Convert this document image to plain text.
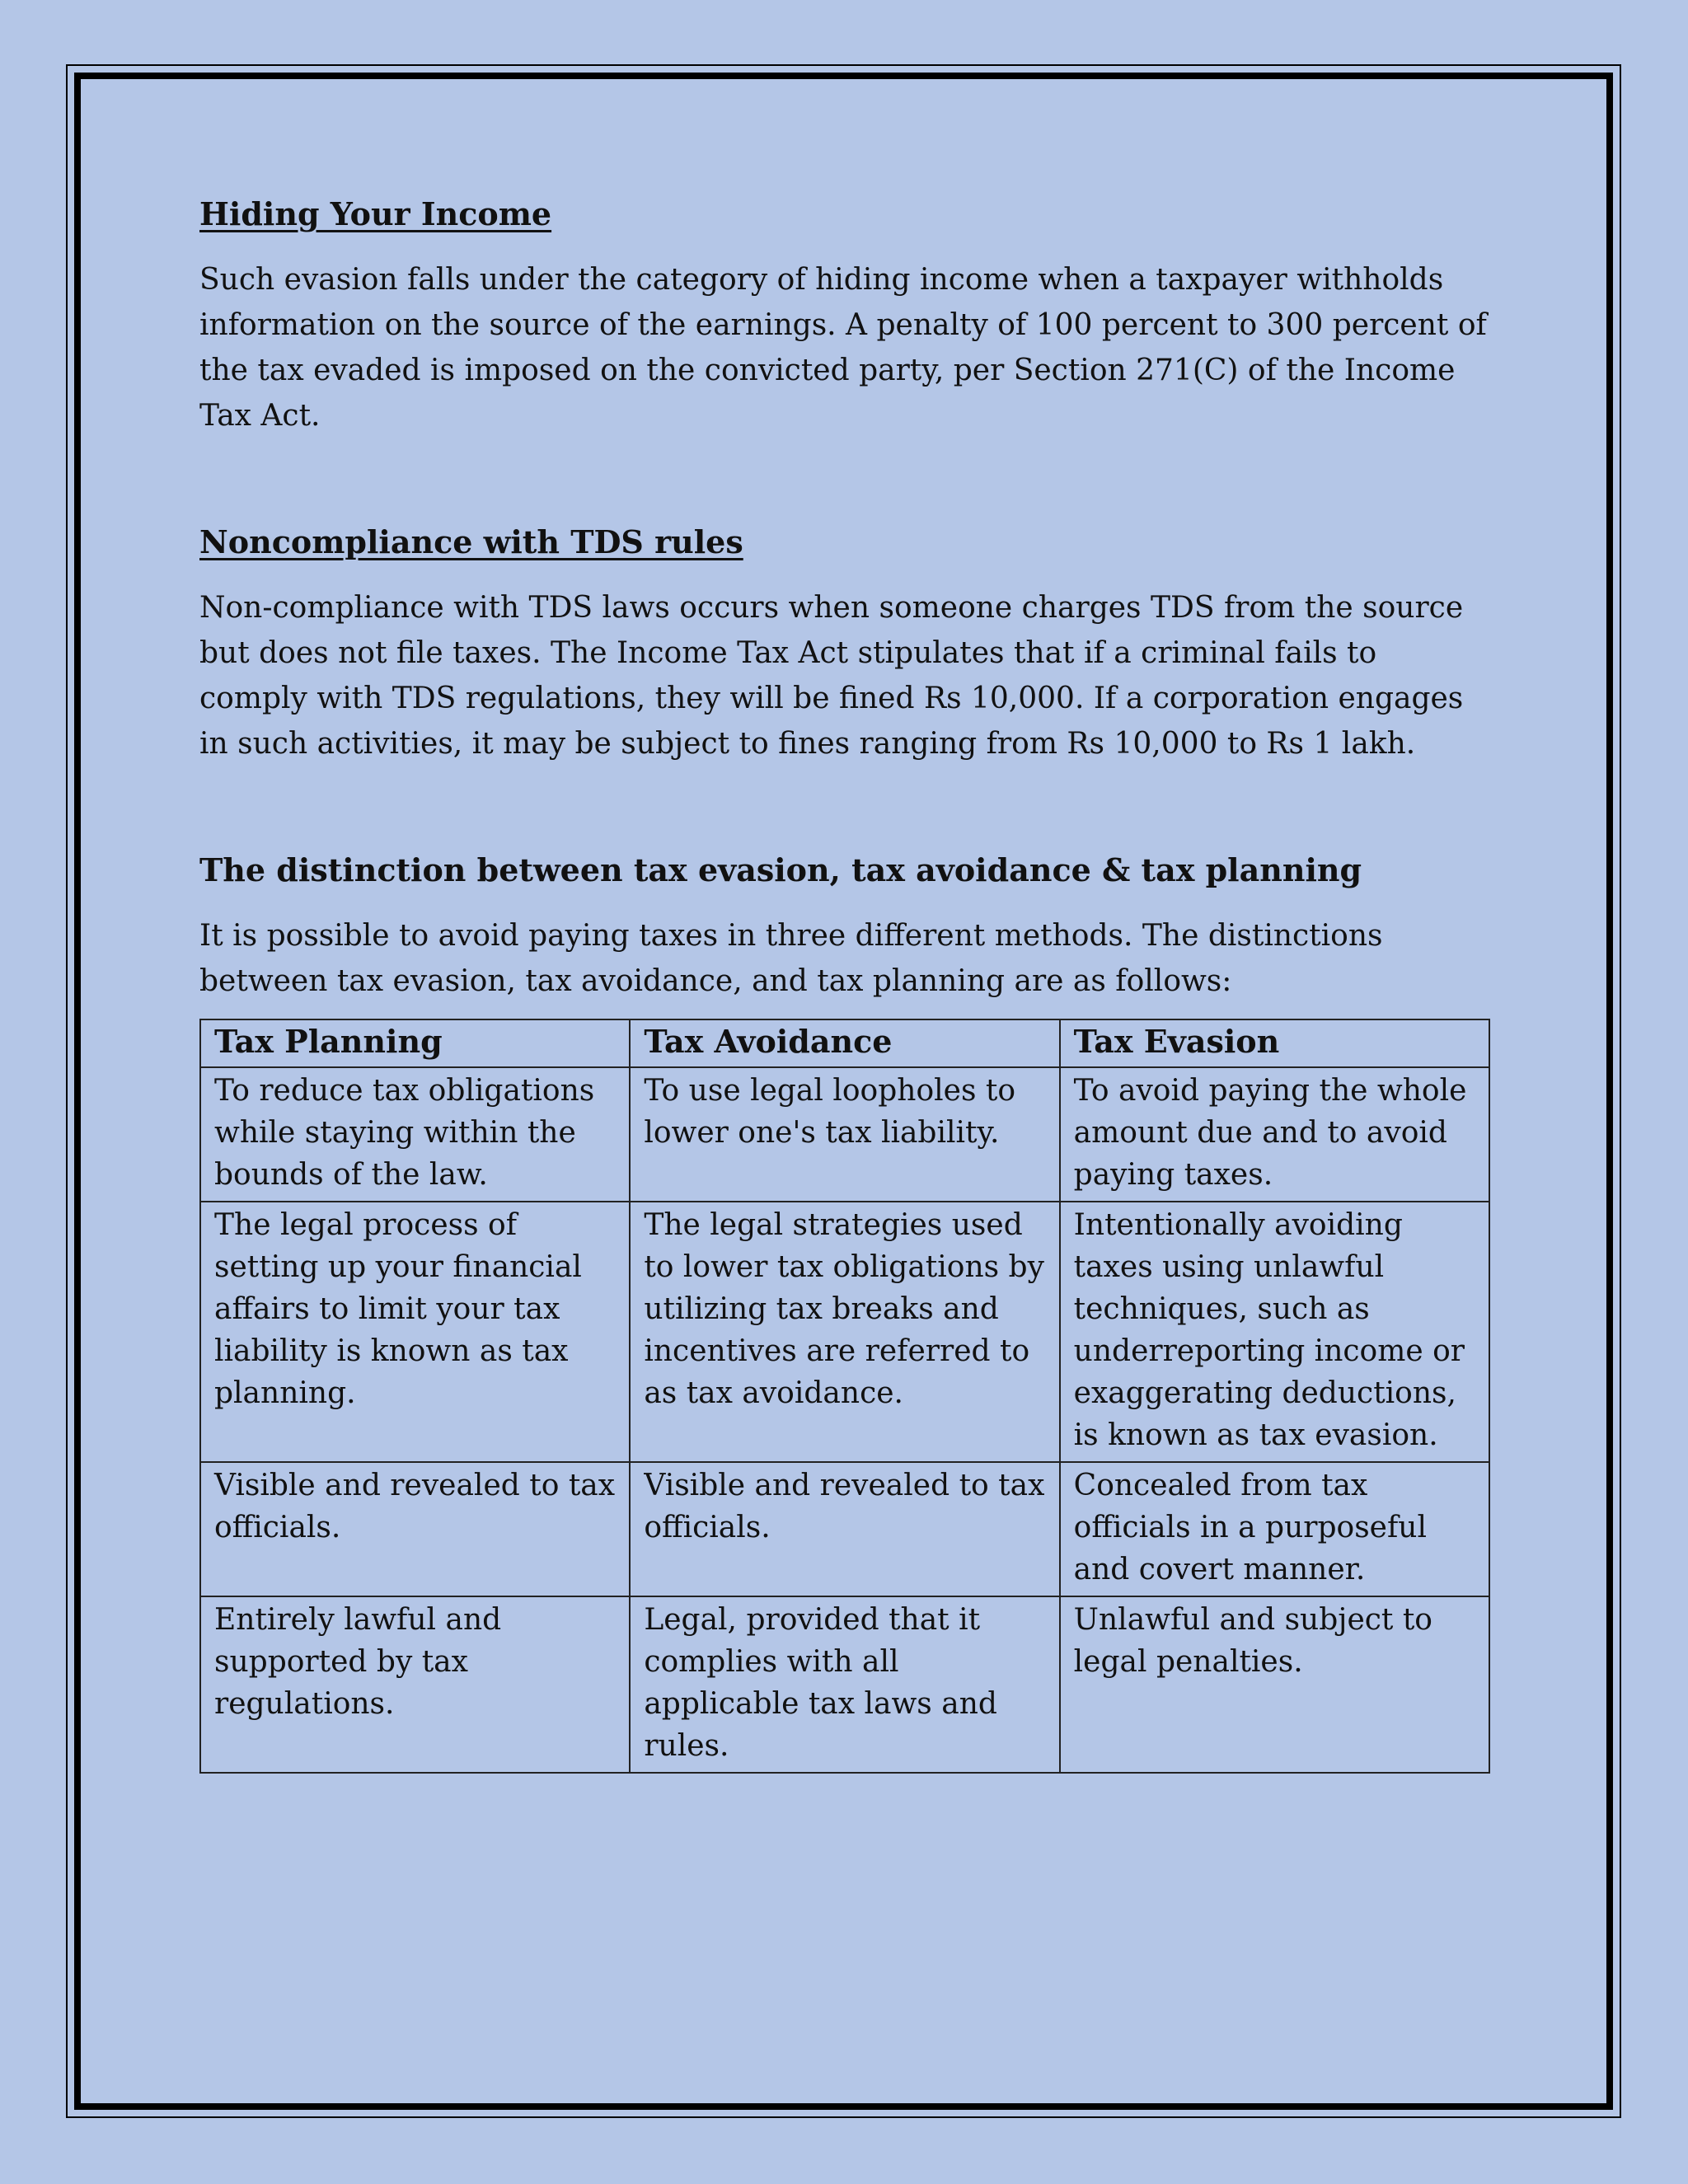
Hiding Your Income

Such evasion falls under the category of hiding income when a taxpayer withholds information on the source of the earnings. A penalty of 100 percent to 300 percent of the tax evaded is imposed on the convicted party, per Section 271(C) of the Income Tax Act.

Noncompliance with TDS rules

Non-compliance with TDS laws occurs when someone charges TDS from the source but does not file taxes. The Income Tax Act stipulates that if a criminal fails to comply with TDS regulations, they will be fined Rs 10,000. If a corporation engages in such activities, it may be subject to fines ranging from Rs 10,000 to Rs 1 lakh.

The distinction between tax evasion, tax avoidance & tax planning

It is possible to avoid paying taxes in three different methods. The distinctions between tax evasion, tax avoidance, and tax planning are as follows:

Tax Planning	Tax Avoidance	Tax Evasion
To reduce tax obligations while staying within the bounds of the law.	To use legal loopholes to lower one's tax liability.	To avoid paying the whole amount due and to avoid paying taxes.
The legal process of setting up your financial affairs to limit your tax liability is known as tax planning.	The legal strategies used to lower tax obligations by utilizing tax breaks and incentives are referred to as tax avoidance.	Intentionally avoiding taxes using unlawful techniques, such as underreporting income or exaggerating deductions, is known as tax evasion.
Visible and revealed to tax officials.	Visible and revealed to tax officials.	Concealed from tax officials in a purposeful and covert manner.
Entirely lawful and supported by tax regulations.	Legal, provided that it complies with all applicable tax laws and rules.	Unlawful and subject to legal penalties.
